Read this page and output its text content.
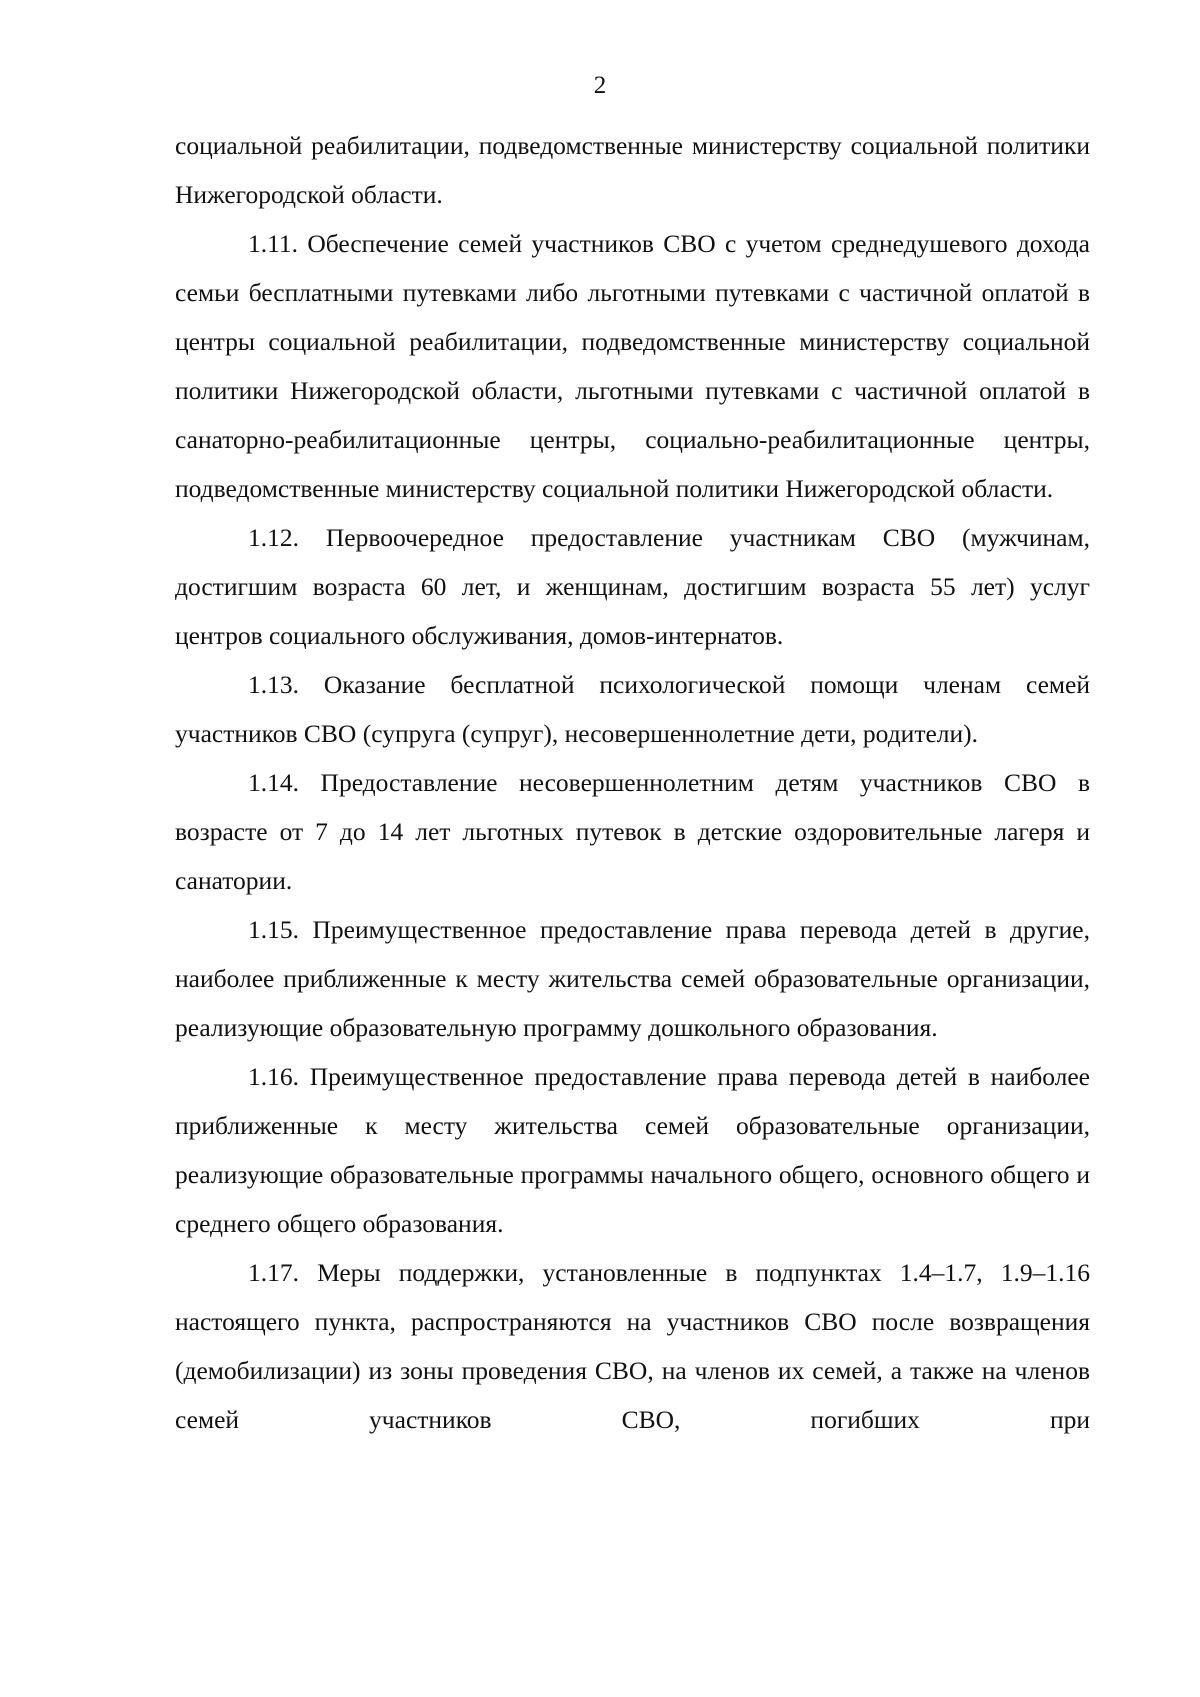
2

социальной реабилитации, подведомственные министерству социальной политики Нижегородской области.

1.11. Обеспечение семей участников СВО с учетом среднедушевого дохода семьи бесплатными путевками либо льготными путевками с частичной оплатой в центры социальной реабилитации, подведомственные министерству социальной политики Нижегородской области, льготными путевками с частичной оплатой в санаторно-реабилитационные центры, социально-реабилитационные центры, подведомственные министерству социальной политики Нижегородской области.

1.12. Первоочередное предоставление участникам СВО (мужчинам, достигшим возраста 60 лет, и женщинам, достигшим возраста 55 лет) услуг центров социального обслуживания, домов-интернатов.

1.13. Оказание бесплатной психологической помощи членам семей участников СВО (супруга (супруг), несовершеннолетние дети, родители).

1.14. Предоставление несовершеннолетним детям участников СВО в возрасте от 7 до 14 лет льготных путевок в детские оздоровительные лагеря и санатории.

1.15. Преимущественное предоставление права перевода детей в другие, наиболее приближенные к месту жительства семей образовательные организации, реализующие образовательную программу дошкольного образования.

1.16. Преимущественное предоставление права перевода детей в наиболее приближенные к месту жительства семей образовательные организации, реализующие образовательные программы начального общего, основного общего и среднего общего образования.

1.17. Меры поддержки, установленные в подпунктах 1.4–1.7, 1.9–1.16 настоящего пункта, распространяются на участников СВО после возвращения (демобилизации) из зоны проведения СВО, на членов их семей, а также на членов семей участников СВО, погибших при
